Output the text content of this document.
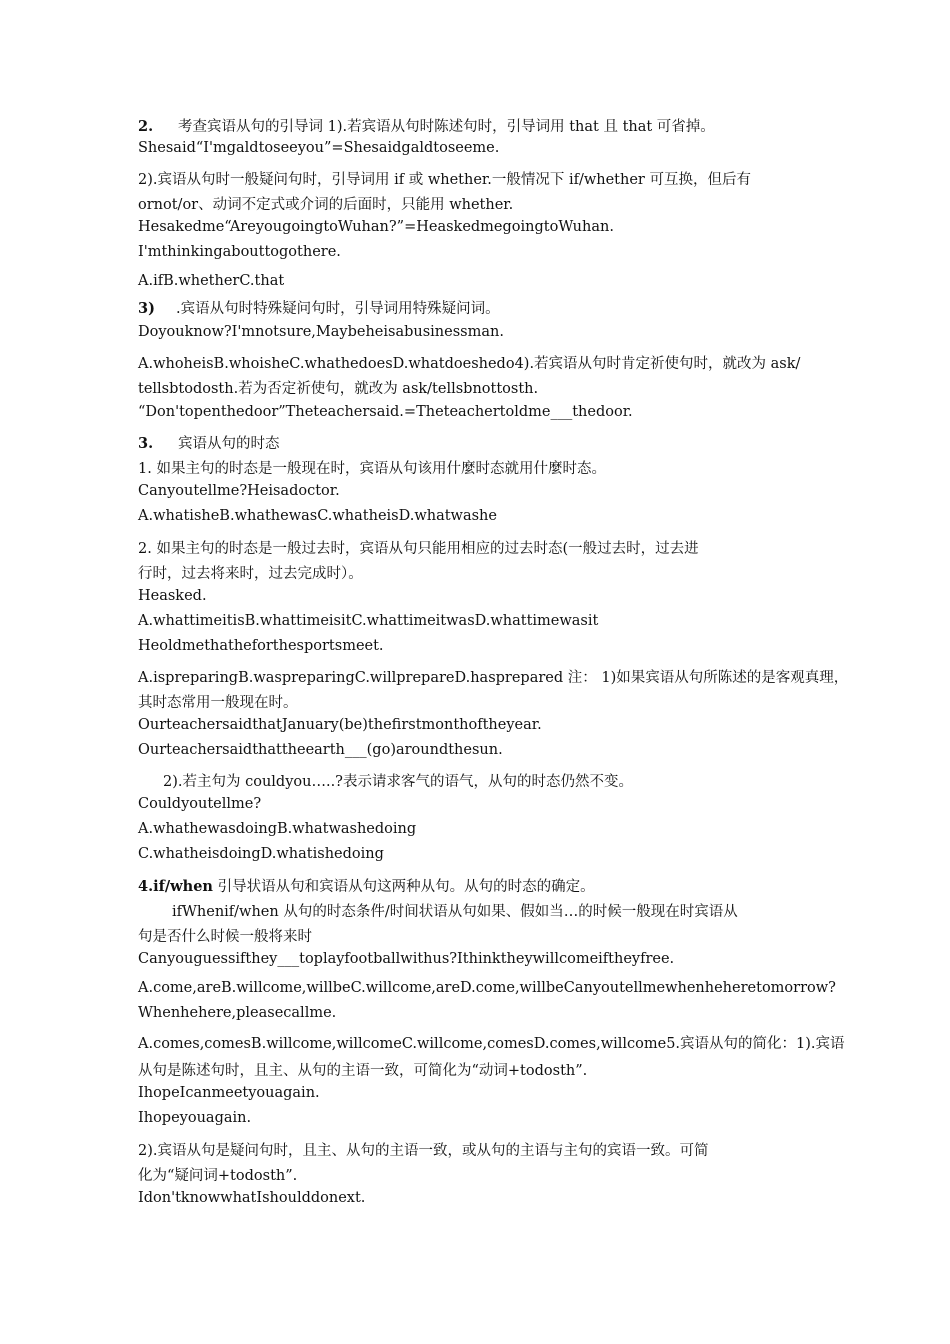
2. 考查宾语从句的引导词 1).若宾语从句时陈述句时，引导词用 that 且 that 可省掉。
Shesaid“I'mgaldtoseeyou”=Shesaidgaldtoseeme.
2).宾语从句时一般疑问句时，引导词用 if 或 whether.一般情况下 if/whether 可互换，但后有
ornot/or、动词不定式或介词的后面时，只能用 whether.
Hesakedme“AreyougoingtoWuhan?”=HeaskedmegoingtoWuhan.
I'mthinkingabouttogothere.
A.ifB.whetherC.that
3) .宾语从句时特殊疑问句时，引导词用特殊疑问词。
Doyouknow?I'mnotsure,Maybeheisabusinessman.
A.whoheisB.whoisheC.whathedoesD.whatdoeshedo4).若宾语从句时肯定祈使句时，就改为 ask/
tellsbtodosth.若为否定祈使句，就改为 ask/tellsbnottosth.
“Don'topenthedoor”Theteachersaid.=Theteachertoldme___thedoor.
3. 宾语从句的时态
1. 如果主句的时态是一般现在时，宾语从句该用什麼时态就用什麼时态。
Canyoutellme?Heisadoctor.
A.whatisheB.whathewasC.whatheisD.whatwashe
2. 如果主句的时态是一般过去时，宾语从句只能用相应的过去时态(一般过去时，过去进
行时，过去将来时，过去完成时）。
Heasked.
A.whattimeitisB.whattimeisitC.whattimeitwasD.whattimewasit
Heoldmethatheforthesportsmeet.
A.ispreparingB.waspreparingC.willprepareD.hasprepared 注： 1)如果宾语从句所陈述的是客观真理，
其时态常用一般现在时。
OurteachersaidthatJanuary(be)thefirstmonthoftheyear.
Ourteachersaidthattheearth___(go)aroundthesun.
2).若主句为 couldyou…..?表示请求客气的语气，从句的时态仍然不变。
Couldyoutellme?
A.whathewasdoingB.whatwashedoing
C.whatheisdoingD.whatishedoing
4.if/when 引导状语从句和宾语从句这两种从句。从句的时态的确定。
ifWhenif/when 从句的时态条件/时间状语从句如果、假如当…的时候一般现在时宾语从
句是否什么时候一般将来时
Canyouguessifthey___toplayfootballwithus?Ithinktheywillcomeiftheyfree.
A.come,areB.willcome,willbeC.willcome,areD.come,willbeCanyoutellmewhenheheretomorrow?
Whenhehere,pleasecallme.
A.comes,comesB.willcome,willcomeC.willcome,comesD.comes,willcome5.宾语从句的简化：1).宾语
从句是陈述句时，且主、从句的主语一致，可简化为“动词+todosth”.
IhopeIcanmeetyouagain.
Ihopeyouagain.
2).宾语从句是疑问句时，且主、从句的主语一致，或从句的主语与主句的宾语一致。可简
化为“疑问词+todosth”.
Idon'tknowwhatIshoulddonext.
